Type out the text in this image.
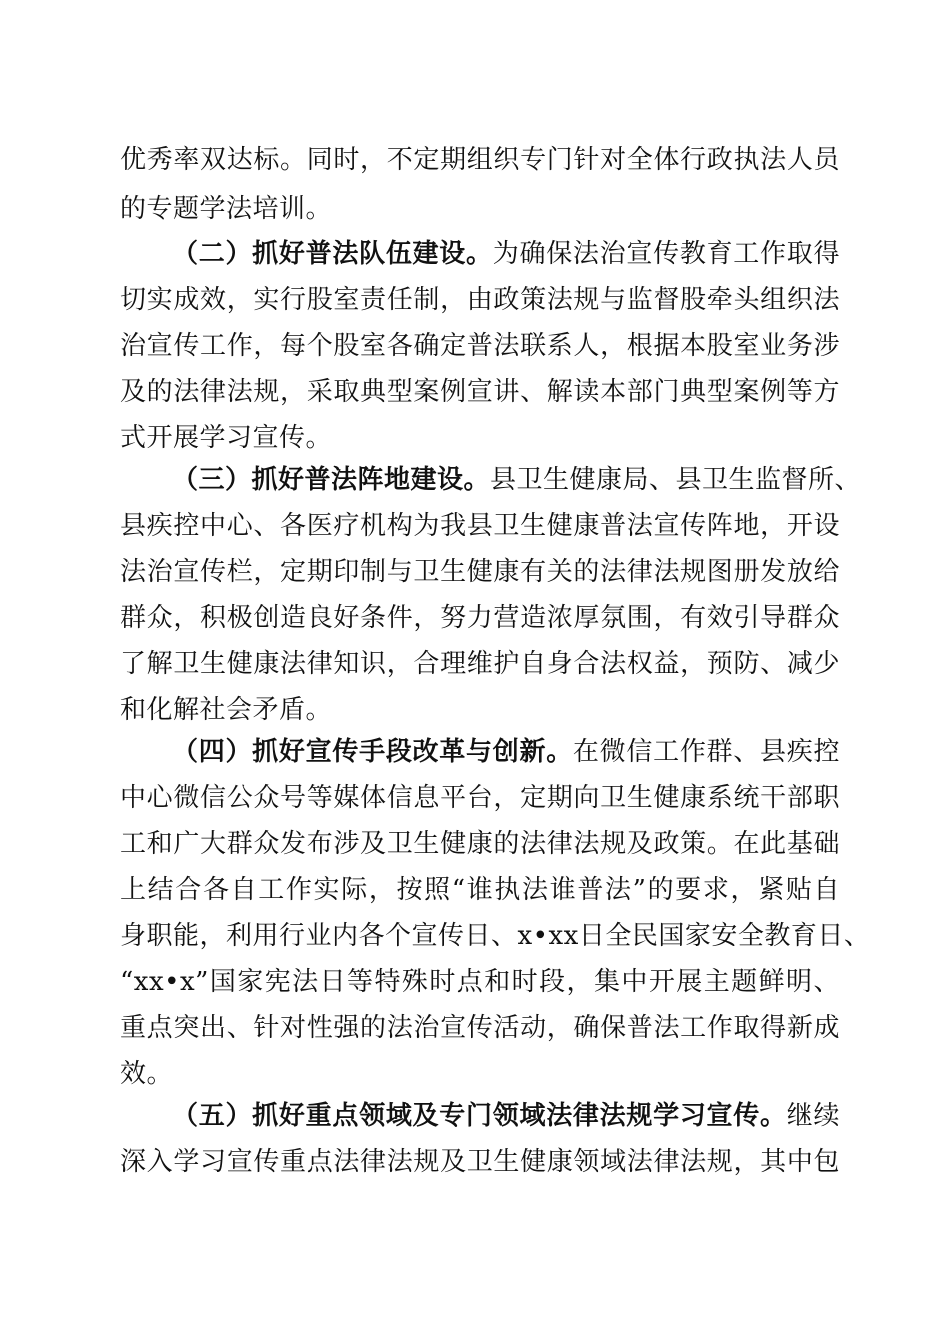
优秀率双达标。同时，不定期组织专门针对全体行政执法人员
的专题学法培训。
（二）抓好普法队伍建设。为确保法治宣传教育工作取得
切实成效，实行股室责任制，由政策法规与监督股牵头组织法
治宣传工作，每个股室各确定普法联系人，根据本股室业务涉
及的法律法规，采取典型案例宣讲、解读本部门典型案例等方
式开展学习宣传。
（三）抓好普法阵地建设。县卫生健康局、县卫生监督所、
县疾控中心、各医疗机构为我县卫生健康普法宣传阵地，开设
法治宣传栏，定期印制与卫生健康有关的法律法规图册发放给
群众，积极创造良好条件，努力营造浓厚氛围，有效引导群众
了解卫生健康法律知识，合理维护自身合法权益，预防、减少
和化解社会矛盾。
（四）抓好宣传手段改革与创新。在微信工作群、县疾控
中心微信公众号等媒体信息平台，定期向卫生健康系统干部职
工和广大群众发布涉及卫生健康的法律法规及政策。在此基础
上结合各自工作实际，按照“谁执法谁普法”的要求，紧贴自
身职能，利用行业内各个宣传日、x•xx日全民国家安全教育日、
“xx•x”国家宪法日等特殊时点和时段，集中开展主题鲜明、
重点突出、针对性强的法治宣传活动，确保普法工作取得新成
效。
（五）抓好重点领域及专门领域法律法规学习宣传。继续
深入学习宣传重点法律法规及卫生健康领域法律法规，其中包
